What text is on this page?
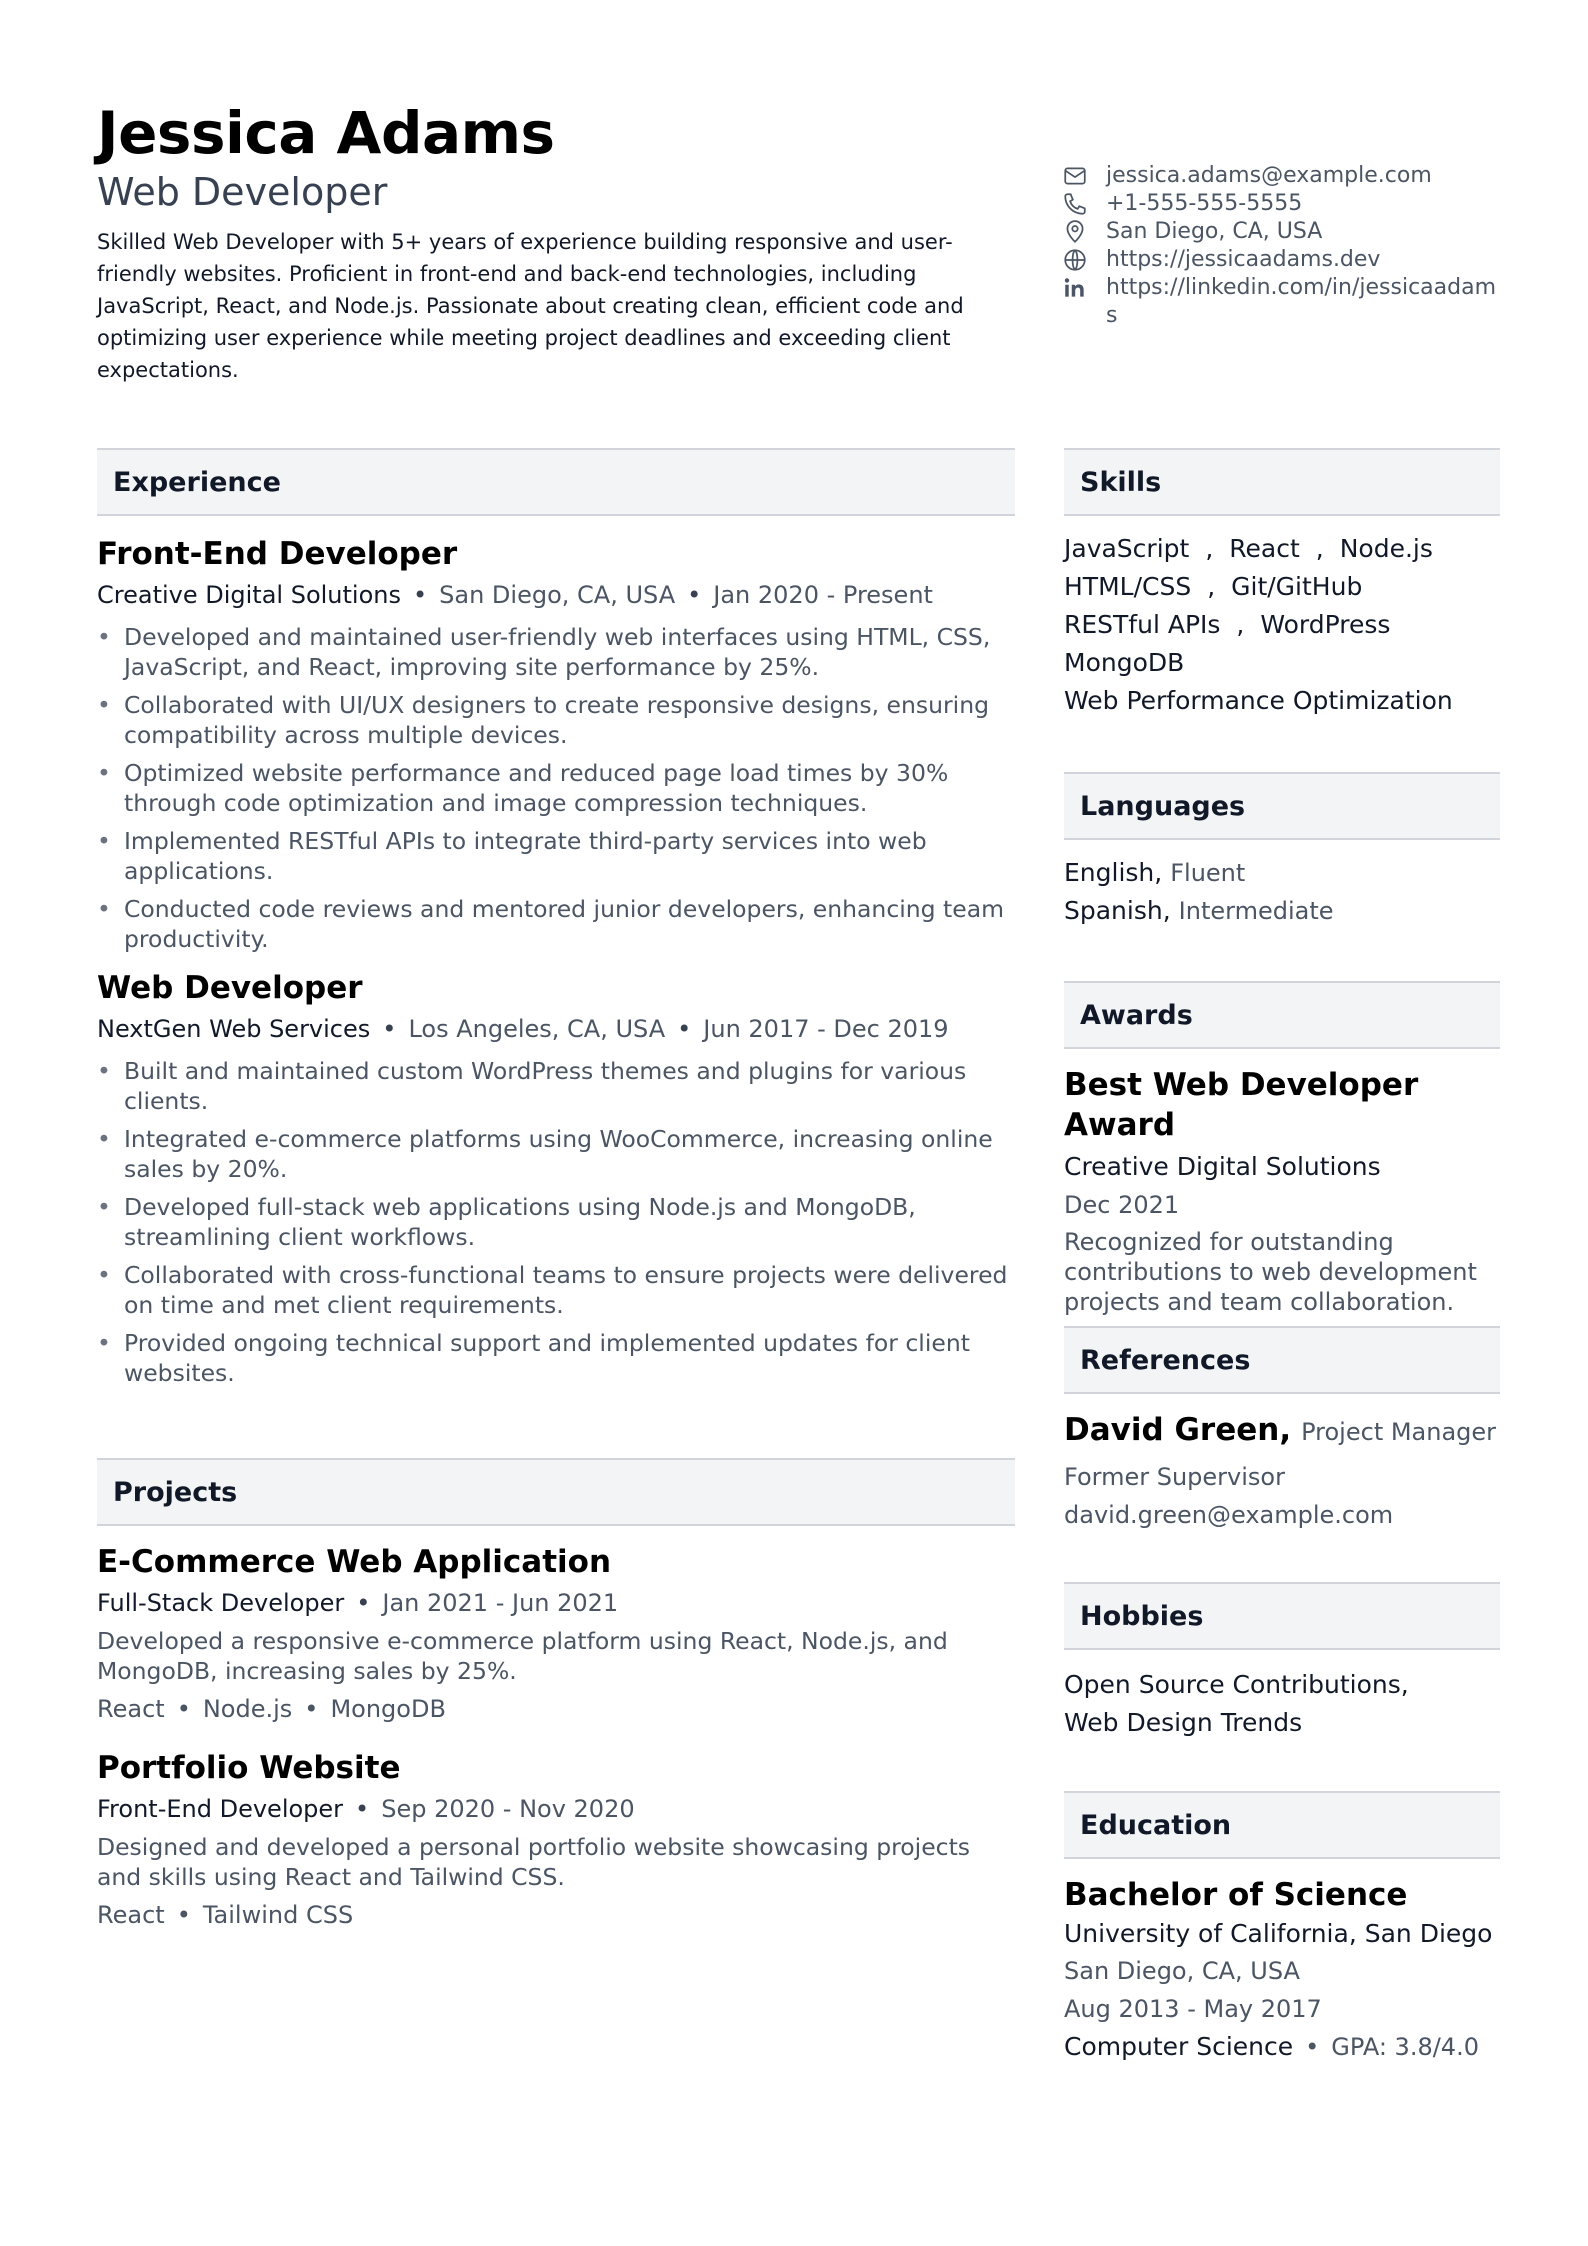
Jessica Adams
Web Developer
Skilled Web Developer with 5+ years of experience building responsive and user-friendly websites. Proficient in front-end and back-end technologies, including JavaScript, React, and Node.js. Passionate about creating clean, efficient code and optimizing user experience while meeting project deadlines and exceeding client expectations.
jessica.adams@example.com
+1-555-555-5555
San Diego, CA, USA
https://jessicaadams.dev
https://linkedin.com/in/jessicaadams
Experience
Front-End Developer
Creative Digital Solutions • San Diego, CA, USA • Jan 2020 - Present
• Developed and maintained user-friendly web interfaces using HTML, CSS, JavaScript, and React, improving site performance by 25%.
• Collaborated with UI/UX designers to create responsive designs, ensuring compatibility across multiple devices.
• Optimized website performance and reduced page load times by 30% through code optimization and image compression techniques.
• Implemented RESTful APIs to integrate third-party services into web applications.
• Conducted code reviews and mentored junior developers, enhancing team productivity.
Web Developer
NextGen Web Services • Los Angeles, CA, USA • Jun 2017 - Dec 2019
• Built and maintained custom WordPress themes and plugins for various clients.
• Integrated e-commerce platforms using WooCommerce, increasing online sales by 20%.
• Developed full-stack web applications using Node.js and MongoDB, streamlining client workflows.
• Collaborated with cross-functional teams to ensure projects were delivered on time and met client requirements.
• Provided ongoing technical support and implemented updates for client websites.
Projects
E-Commerce Web Application
Full-Stack Developer • Jan 2021 - Jun 2021
Developed a responsive e-commerce platform using React, Node.js, and MongoDB, increasing sales by 25%.
React • Node.js • MongoDB
Portfolio Website
Front-End Developer • Sep 2020 - Nov 2020
Designed and developed a personal portfolio website showcasing projects and skills using React and Tailwind CSS.
React • Tailwind CSS
Skills
JavaScript , React , Node.js
HTML/CSS , Git/GitHub
RESTful APIs , WordPress
MongoDB
Web Performance Optimization
Languages
English, Fluent
Spanish, Intermediate
Awards
Best Web Developer Award
Creative Digital Solutions
Dec 2021
Recognized for outstanding contributions to web development projects and team collaboration.
References
David Green, Project Manager
Former Supervisor
david.green@example.com
Hobbies
Open Source Contributions,
Web Design Trends
Education
Bachelor of Science
University of California, San Diego
San Diego, CA, USA
Aug 2013 - May 2017
Computer Science • GPA: 3.8/4.0
